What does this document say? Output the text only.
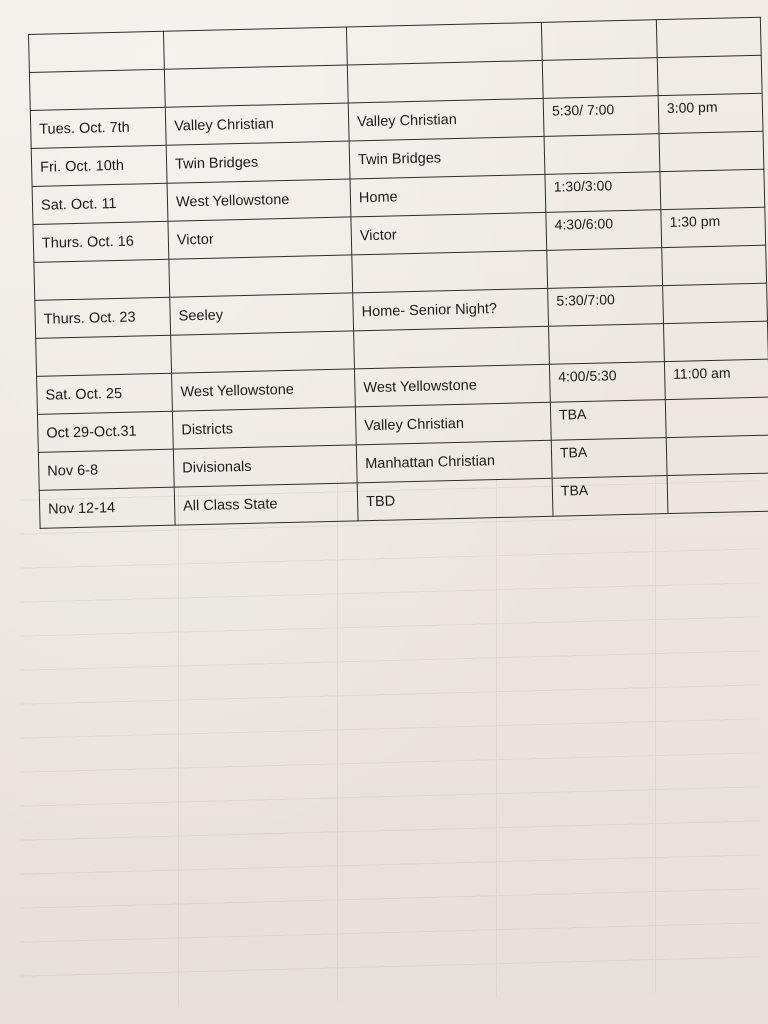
Tues. Oct. 7th	Valley Christian	Valley Christian	5:30/ 7:00	3:00 pm
Fri. Oct. 10th	Twin Bridges	Twin Bridges		
Sat. Oct. 11	West Yellowstone	Home	1:30/3:00	
Thurs. Oct. 16	Victor	Victor	4:30/6:00	1:30 pm

Thurs. Oct. 23	Seeley	Home- Senior Night?	5:30/7:00	

Sat. Oct. 25	West Yellowstone	West Yellowstone	4:00/5:30	11:00 am
Oct 29-Oct.31	Districts	Valley Christian	TBA	
Nov 6-8	Divisionals	Manhattan Christian	TBA	
Nov 12-14	All Class State	TBD	TBA	
